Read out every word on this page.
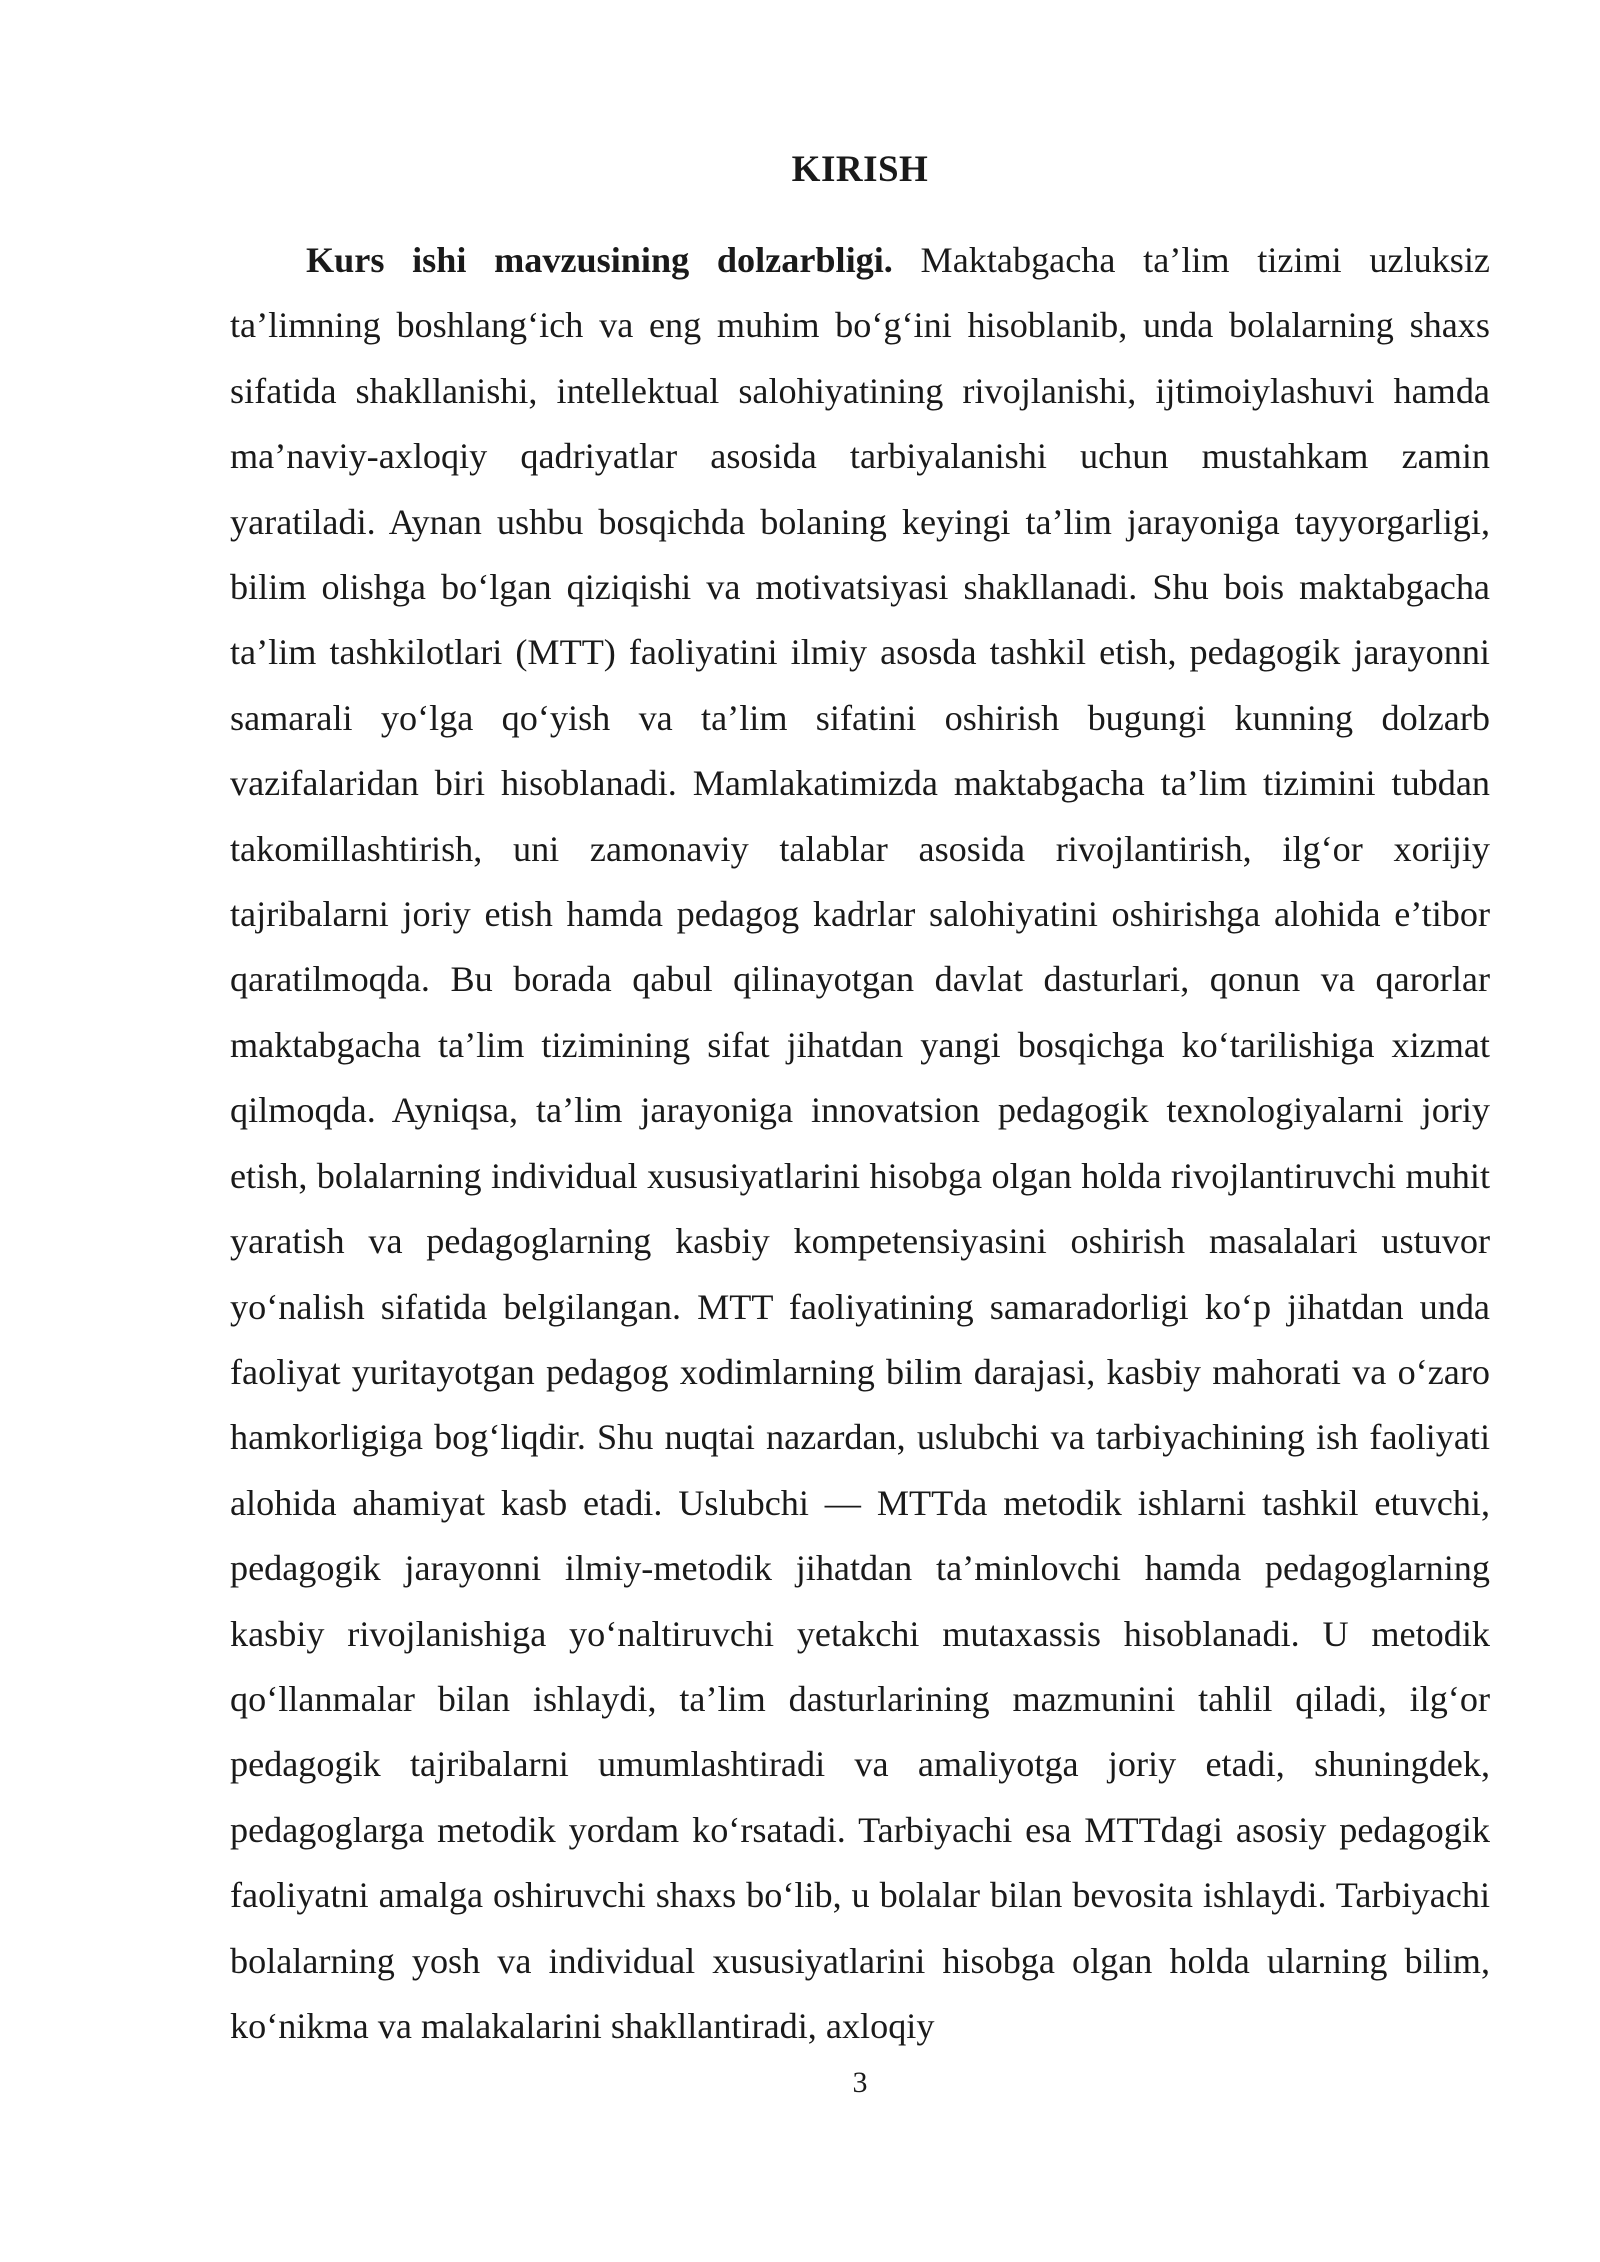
KIRISH

Kurs ishi mavzusining dolzarbligi. Maktabgacha ta’lim tizimi uzluksiz ta’limning boshlang‘ich va eng muhim bo‘g‘ini hisoblanib, unda bolalarning shaxs sifatida shakllanishi, intellektual salohiyatining rivojlanishi, ijtimoiylashuvi hamda ma’naviy-axloqiy qadriyatlar asosida tarbiyalanishi uchun mustahkam zamin yaratiladi. Aynan ushbu bosqichda bolaning keyingi ta’lim jarayoniga tayyorgarligi, bilim olishga bo‘lgan qiziqishi va motivatsiyasi shakllanadi. Shu bois maktabgacha ta’lim tashkilotlari (MTT) faoliyatini ilmiy asosda tashkil etish, pedagogik jarayonni samarali yo‘lga qo‘yish va ta’lim sifatini oshirish bugungi kunning dolzarb vazifalaridan biri hisoblanadi. Mamlakatimizda maktabgacha ta’lim tizimini tubdan takomillashtirish, uni zamonaviy talablar asosida rivojlantirish, ilg‘or xorijiy tajribalarni joriy etish hamda pedagog kadrlar salohiyatini oshirishga alohida e’tibor qaratilmoqda. Bu borada qabul qilinayotgan davlat dasturlari, qonun va qarorlar maktabgacha ta’lim tizimining sifat jihatdan yangi bosqichga ko‘tarilishiga xizmat qilmoqda. Ayniqsa, ta’lim jarayoniga innovatsion pedagogik texnologiyalarni joriy etish, bolalarning individual xususiyatlarini hisobga olgan holda rivojlantiruvchi muhit yaratish va pedagoglarning kasbiy kompetensiyasini oshirish masalalari ustuvor yo‘nalish sifatida belgilangan. MTT faoliyatining samaradorligi ko‘p jihatdan unda faoliyat yuritayotgan pedagog xodimlarning bilim darajasi, kasbiy mahorati va o‘zaro hamkorligiga bog‘liqdir. Shu nuqtai nazardan, uslubchi va tarbiyachining ish faoliyati alohida ahamiyat kasb etadi. Uslubchi — MTTda metodik ishlarni tashkil etuvchi, pedagogik jarayonni ilmiy-metodik jihatdan ta’minlovchi hamda pedagoglarning kasbiy rivojlanishiga yo‘naltiruvchi yetakchi mutaxassis hisoblanadi. U metodik qo‘llanmalar bilan ishlaydi, ta’lim dasturlarining mazmunini tahlil qiladi, ilg‘or pedagogik tajribalarni umumlashtiradi va amaliyotga joriy etadi, shuningdek, pedagoglarga metodik yordam ko‘rsatadi. Tarbiyachi esa MTTdagi asosiy pedagogik faoliyatni amalga oshiruvchi shaxs bo‘lib, u bolalar bilan bevosita ishlaydi. Tarbiyachi bolalarning yosh va individual xususiyatlarini hisobga olgan holda ularning bilim, ko‘nikma va malakalarini shakllantiradi, axloqiy

3
